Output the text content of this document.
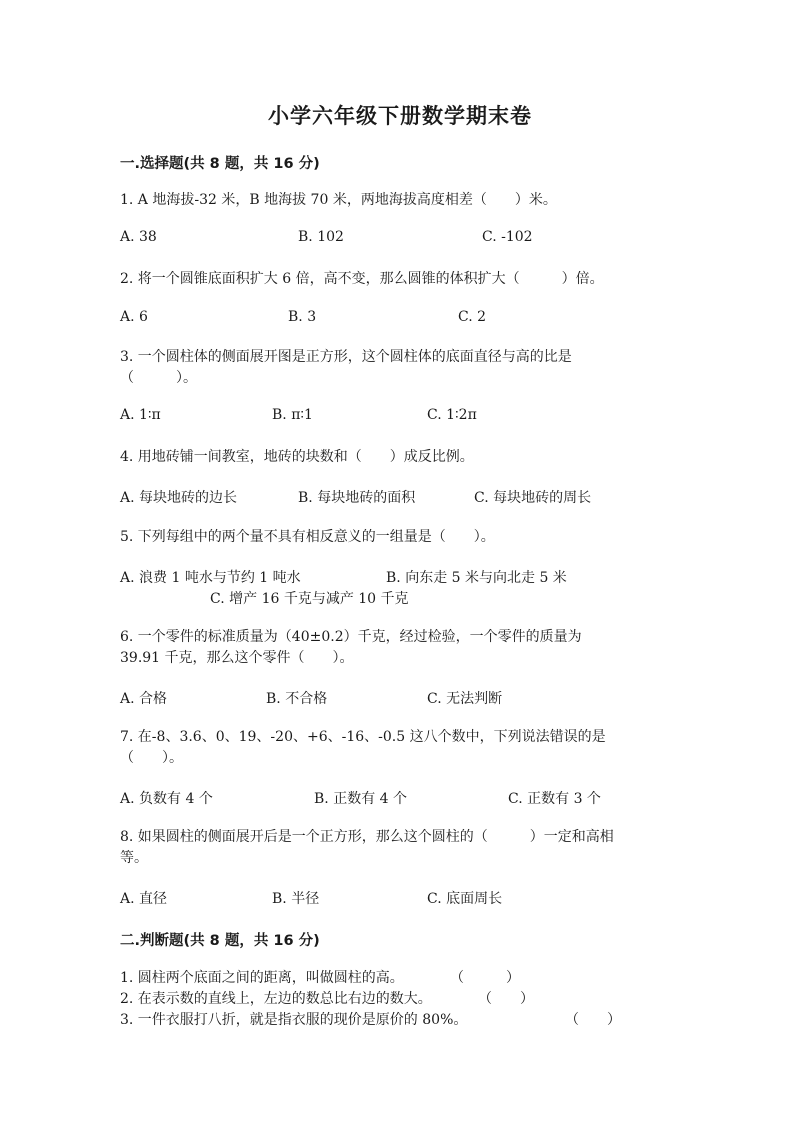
小学六年级下册数学期末卷
一.选择题(共 8 题，共 16 分)
1. A 地海拔-32 米，B 地海拔 70 米，两地海拔高度相差（　　）米。
A. 38	B. 102	C. -102
2. 将一个圆锥底面积扩大 6 倍，高不变，那么圆锥的体积扩大（　　　）倍。
A. 6	B. 3	C. 2
3. 一个圆柱体的侧面展开图是正方形，这个圆柱体的底面直径与高的比是
（　　　）。
A. 1∶π	B. π∶1	C. 1∶2π
4. 用地砖铺一间教室，地砖的块数和（　　）成反比例。
A. 每块地砖的边长	B. 每块地砖的面积	C. 每块地砖的周长
5. 下列每组中的两个量不具有相反意义的一组量是（　　）。
A. 浪费 1 吨水与节约 1 吨水	B. 向东走 5 米与向北走 5 米
C. 增产 16 千克与减产 10 千克
6. 一个零件的标准质量为（40±0.2）千克，经过检验，一个零件的质量为
39.91 千克，那么这个零件（　　）。
A. 合格	B. 不合格	C. 无法判断
7. 在-8、3.6、0、19、-20、+6、-16、-0.5 这八个数中，下列说法错误的是
（　　）。
A. 负数有 4 个	B. 正数有 4 个	C. 正数有 3 个
8. 如果圆柱的侧面展开后是一个正方形，那么这个圆柱的（　　　）一定和高相
等。
A. 直径	B. 半径	C. 底面周长
二.判断题(共 8 题，共 16 分)
1. 圆柱两个底面之间的距离，叫做圆柱的高。	（　　　）
2. 在表示数的直线上，左边的数总比右边的数大。	（　　）
3. 一件衣服打八折，就是指衣服的现价是原价的 80%。	（　　）
